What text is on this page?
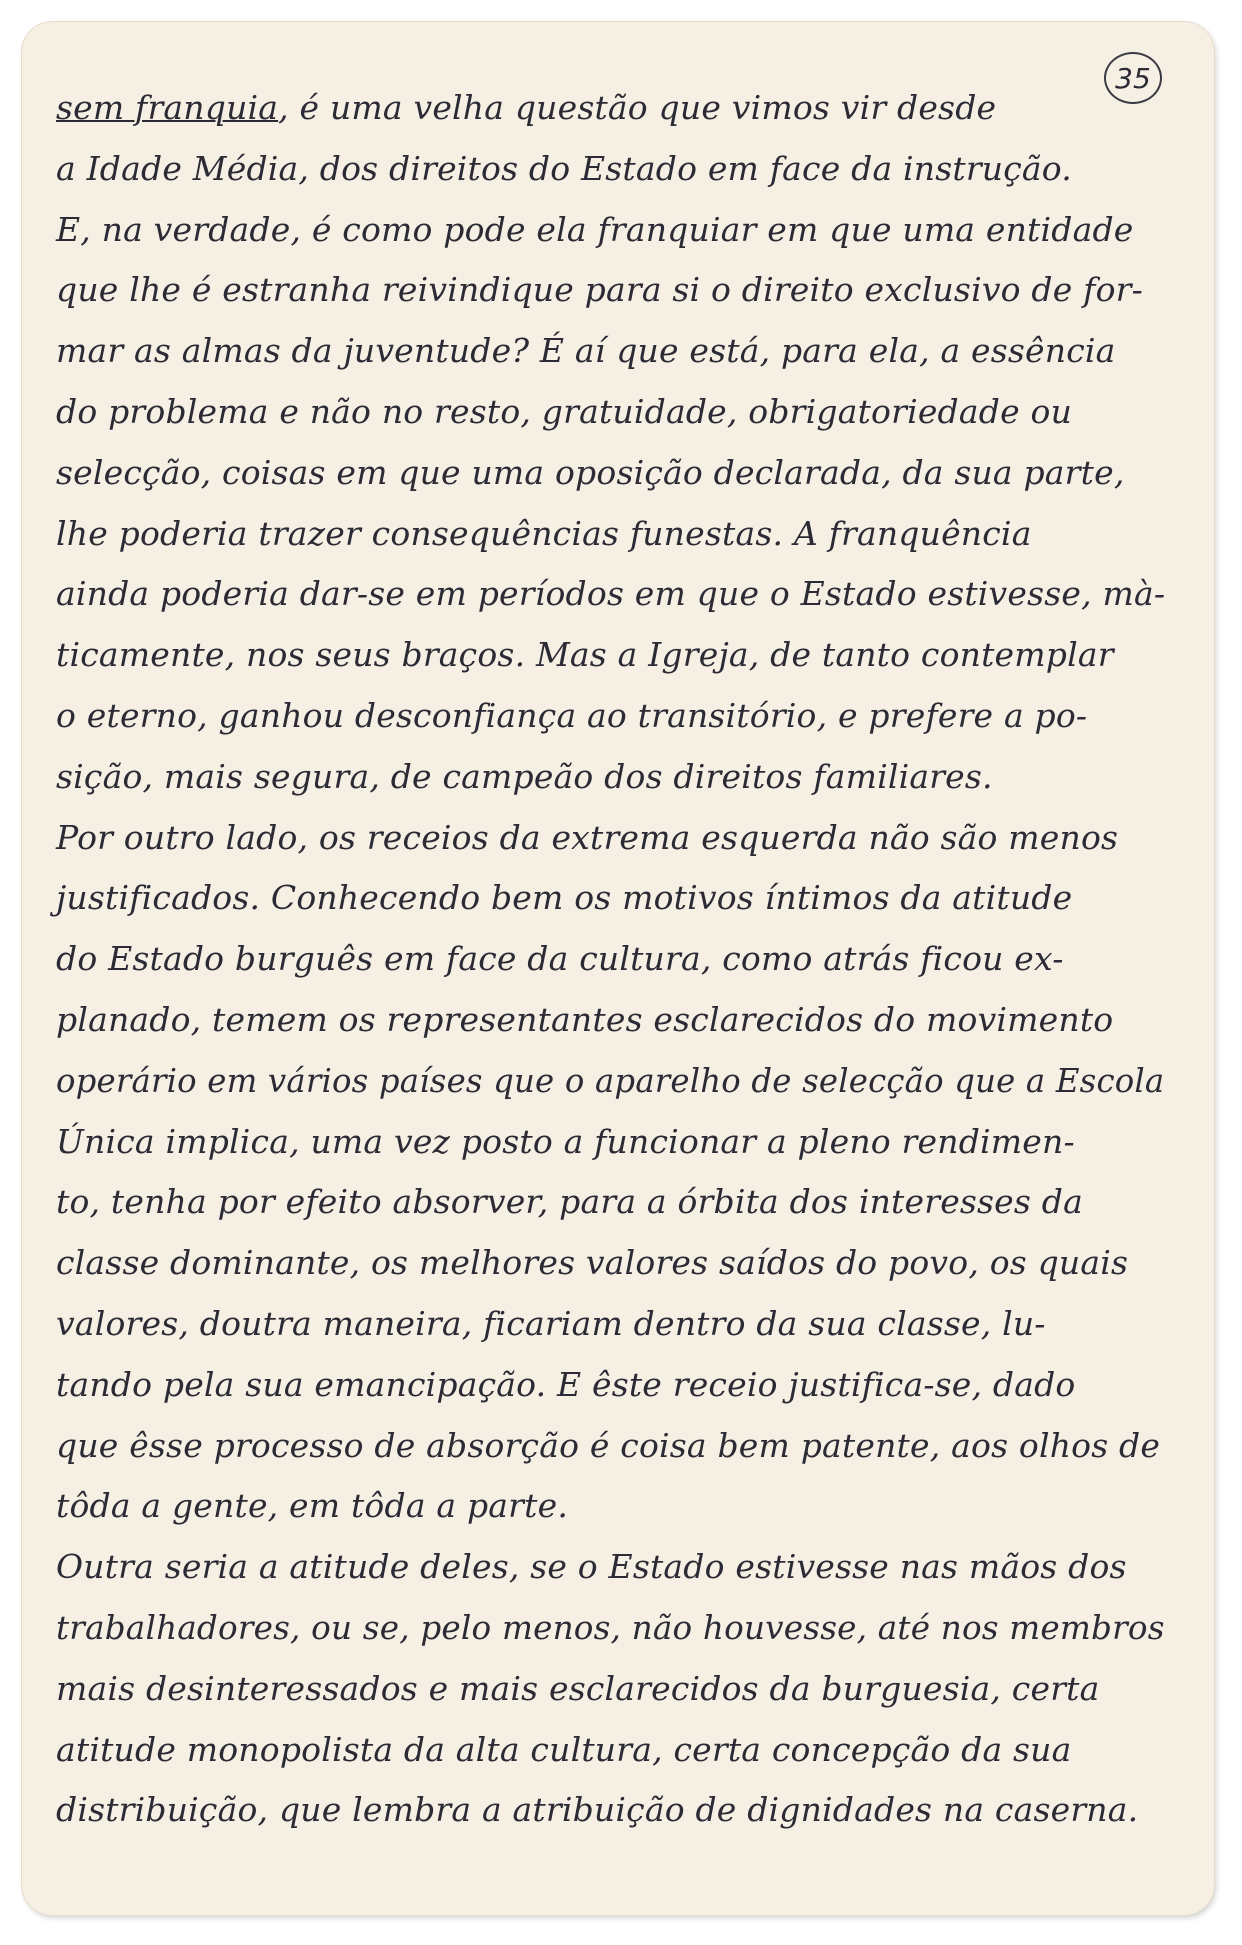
35
sem franquia, é uma velha questão que vimos vir desde
a Idade Média, dos direitos do Estado em face da instrução.
E, na verdade, é como pode ela franquiar em que uma entidade
que lhe é estranha reivindique para si o direito exclusivo de for-
mar as almas da juventude? É aí que está, para ela, a essência
do problema e não no resto, gratuidade, obrigatoriedade ou
selecção, coisas em que uma oposição declarada, da sua parte,
lhe poderia trazer consequências funestas. A franquência
ainda poderia dar-se em períodos em que o Estado estivesse, mà-
ticamente, nos seus braços. Mas a Igreja, de tanto contemplar
o eterno, ganhou desconfiança ao transitório, e prefere a po-
sição, mais segura, de campeão dos direitos familiares.
Por outro lado, os receios da extrema esquerda não são menos
justificados. Conhecendo bem os motivos íntimos da atitude
do Estado burguês em face da cultura, como atrás ficou ex-
planado, temem os representantes esclarecidos do movimento
operário em vários países que o aparelho de selecção que a Escola
Única implica, uma vez posto a funcionar a pleno rendimen-
to, tenha por efeito absorver, para a órbita dos interesses da
classe dominante, os melhores valores saídos do povo, os quais
valores, doutra maneira, ficariam dentro da sua classe, lu-
tando pela sua emancipação. E êste receio justifica-se, dado
que êsse processo de absorção é coisa bem patente, aos olhos de
tôda a gente, em tôda a parte.
Outra seria a atitude deles, se o Estado estivesse nas mãos dos
trabalhadores, ou se, pelo menos, não houvesse, até nos membros
mais desinteressados e mais esclarecidos da burguesia, certa
atitude monopolista da alta cultura, certa concepção da sua
distribuição, que lembra a atribuição de dignidades na caserna.
